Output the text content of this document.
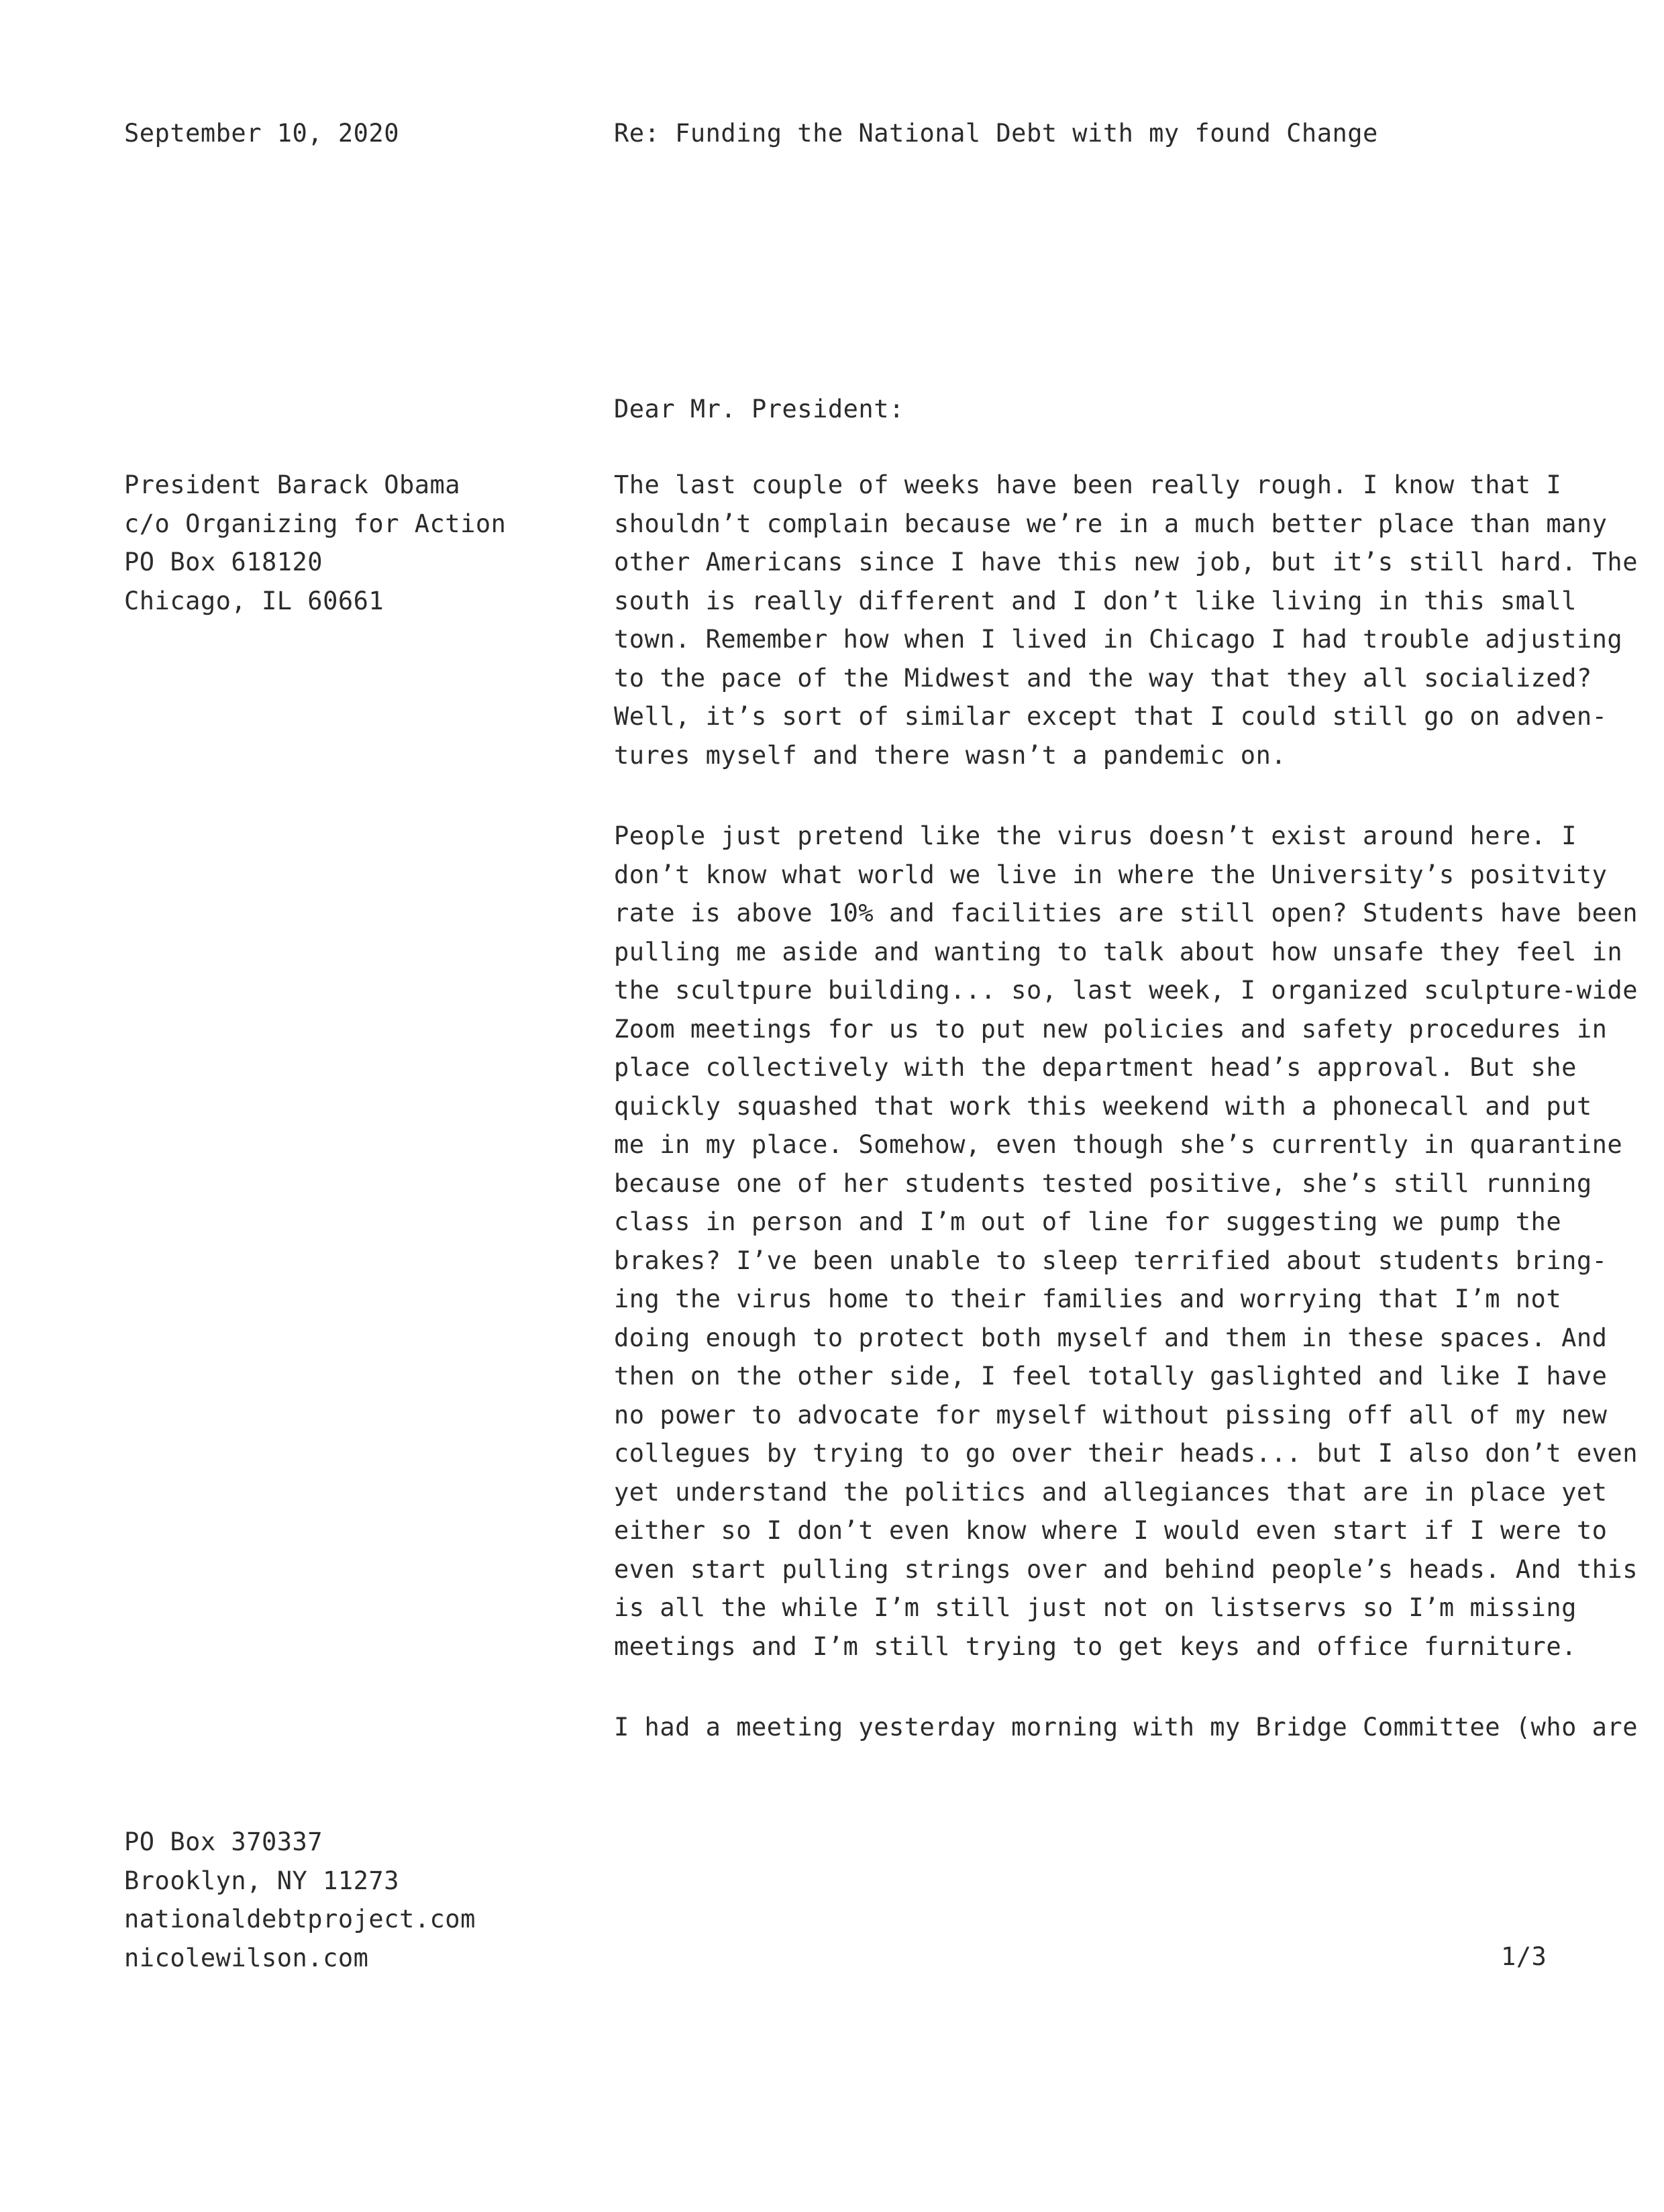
September 10, 2020	Re: Funding the National Debt with my found Change
Dear Mr. President:
President Barack Obama
c/o Organizing for Action
PO Box 618120
Chicago, IL 60661
The last couple of weeks have been really rough. I know that I
shouldn’t complain because we’re in a much better place than many
other Americans since I have this new job, but it’s still hard. The
south is really different and I don’t like living in this small
town. Remember how when I lived in Chicago I had trouble adjusting
to the pace of the Midwest and the way that they all socialized?
Well, it’s sort of similar except that I could still go on adven-
tures myself and there wasn’t a pandemic on.
People just pretend like the virus doesn’t exist around here. I
don’t know what world we live in where the University’s positvity
rate is above 10% and facilities are still open? Students have been
pulling me aside and wanting to talk about how unsafe they feel in
the scultpure building... so, last week, I organized sculpture-wide
Zoom meetings for us to put new policies and safety procedures in
place collectively with the department head’s approval. But she
quickly squashed that work this weekend with a phonecall and put
me in my place. Somehow, even though she’s currently in quarantine
because one of her students tested positive, she’s still running
class in person and I’m out of line for suggesting we pump the
brakes? I’ve been unable to sleep terrified about students bring-
ing the virus home to their families and worrying that I’m not
doing enough to protect both myself and them in these spaces. And
then on the other side, I feel totally gaslighted and like I have
no power to advocate for myself without pissing off all of my new
collegues by trying to go over their heads... but I also don’t even
yet understand the politics and allegiances that are in place yet
either so I don’t even know where I would even start if I were to
even start pulling strings over and behind people’s heads. And this
is all the while I’m still just not on listservs so I’m missing
meetings and I’m still trying to get keys and office furniture.
I had a meeting yesterday morning with my Bridge Committee (who are
PO Box 370337
Brooklyn, NY 11273
nationaldebtproject.com
nicolewilson.com	1/3
